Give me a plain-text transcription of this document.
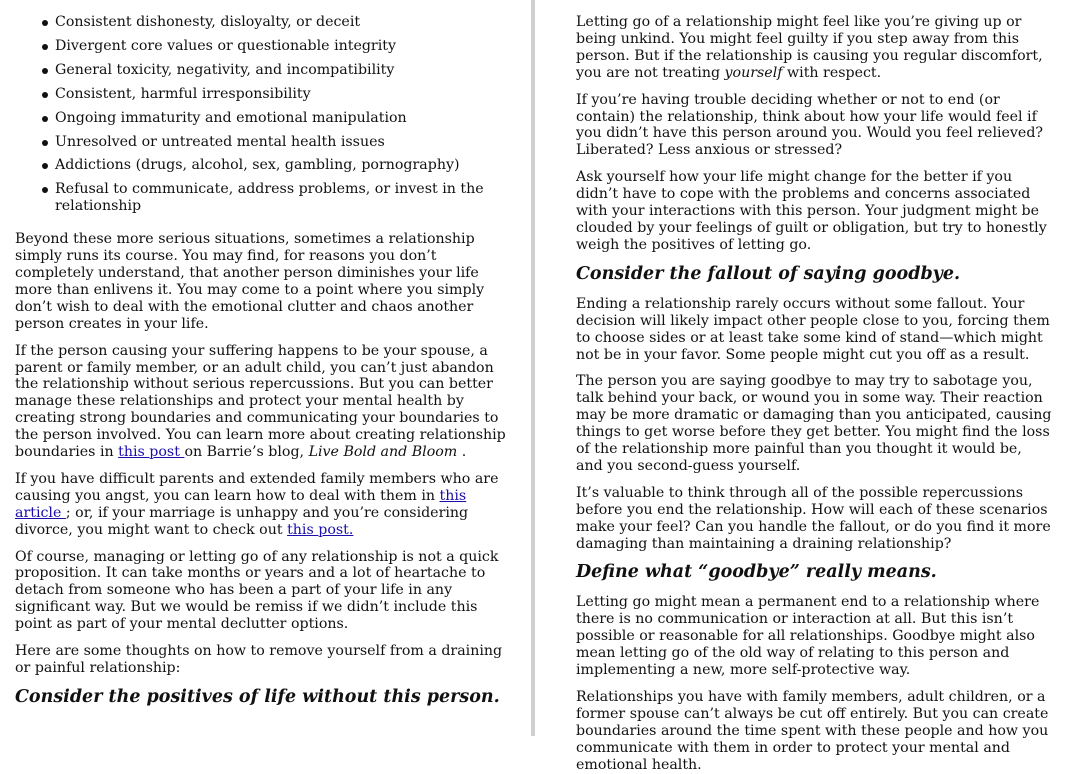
Consistent dishonesty, disloyalty, or deceit
Divergent core values or questionable integrity
General toxicity, negativity, and incompatibility
Consistent, harmful irresponsibility
Ongoing immaturity and emotional manipulation
Unresolved or untreated mental health issues
Addictions (drugs, alcohol, sex, gambling, pornography)
Refusal to communicate, address problems, or invest in the relationship

Beyond these more serious situations, sometimes a relationship simply runs its course. You may find, for reasons you don’t completely understand, that another person diminishes your life more than enlivens it. You may come to a point where you simply don’t wish to deal with the emotional clutter and chaos another person creates in your life.

If the person causing your suffering happens to be your spouse, a parent or family member, or an adult child, you can’t just abandon the relationship without serious repercussions. But you can better manage these relationships and protect your mental health by creating strong boundaries and communicating your boundaries to the person involved. You can learn more about creating relationship boundaries in this post on Barrie’s blog, Live Bold and Bloom .

If you have difficult parents and extended family members who are causing you angst, you can learn how to deal with them in this article ; or, if your marriage is unhappy and you’re considering divorce, you might want to check out this post.

Of course, managing or letting go of any relationship is not a quick proposition. It can take months or years and a lot of heartache to detach from someone who has been a part of your life in any significant way. But we would be remiss if we didn’t include this point as part of your mental declutter options.

Here are some thoughts on how to remove yourself from a draining or painful relationship:

Consider the positives of life without this person.

Letting go of a relationship might feel like you’re giving up or being unkind. You might feel guilty if you step away from this person. But if the relationship is causing you regular discomfort, you are not treating yourself with respect.

If you’re having trouble deciding whether or not to end (or contain) the relationship, think about how your life would feel if you didn’t have this person around you. Would you feel relieved? Liberated? Less anxious or stressed?

Ask yourself how your life might change for the better if you didn’t have to cope with the problems and concerns associated with your interactions with this person. Your judgment might be clouded by your feelings of guilt or obligation, but try to honestly weigh the positives of letting go.

Consider the fallout of saying goodbye.

Ending a relationship rarely occurs without some fallout. Your decision will likely impact other people close to you, forcing them to choose sides or at least take some kind of stand—which might not be in your favor. Some people might cut you off as a result.

The person you are saying goodbye to may try to sabotage you, talk behind your back, or wound you in some way. Their reaction may be more dramatic or damaging than you anticipated, causing things to get worse before they get better. You might find the loss of the relationship more painful than you thought it would be, and you second-guess yourself.

It’s valuable to think through all of the possible repercussions before you end the relationship. How will each of these scenarios make your feel? Can you handle the fallout, or do you find it more damaging than maintaining a draining relationship?

Define what “goodbye” really means.

Letting go might mean a permanent end to a relationship where there is no communication or interaction at all. But this isn’t possible or reasonable for all relationships. Goodbye might also mean letting go of the old way of relating to this person and implementing a new, more self-protective way.

Relationships you have with family members, adult children, or a former spouse can’t always be cut off entirely. But you can create boundaries around the time spent with these people and how you communicate with them in order to protect your mental and emotional health.
